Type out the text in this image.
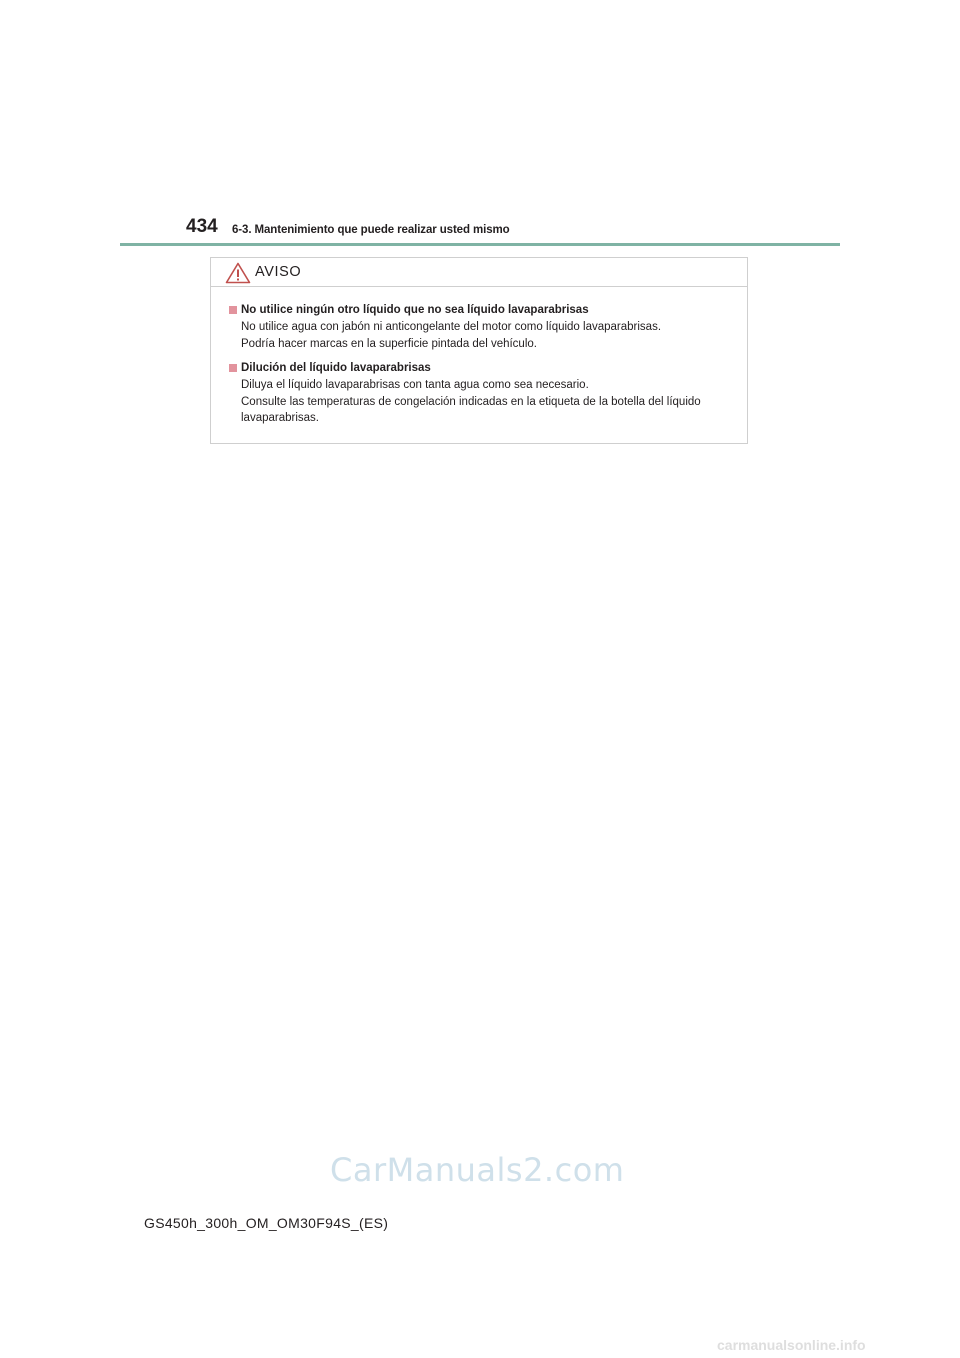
434 6-3. Mantenimiento que puede realizar usted mismo
AVISO
No utilice ningún otro líquido que no sea líquido lavaparabrisas
No utilice agua con jabón ni anticongelante del motor como líquido lavaparabrisas.
Podría hacer marcas en la superficie pintada del vehículo.
Dilución del líquido lavaparabrisas
Diluya el líquido lavaparabrisas con tanta agua como sea necesario.
Consulte las temperaturas de congelación indicadas en la etiqueta de la botella del líquido
lavaparabrisas.
CarManuals2.com
GS450h_300h_OM_OM30F94S_(ES)
carmanualsonline.info
